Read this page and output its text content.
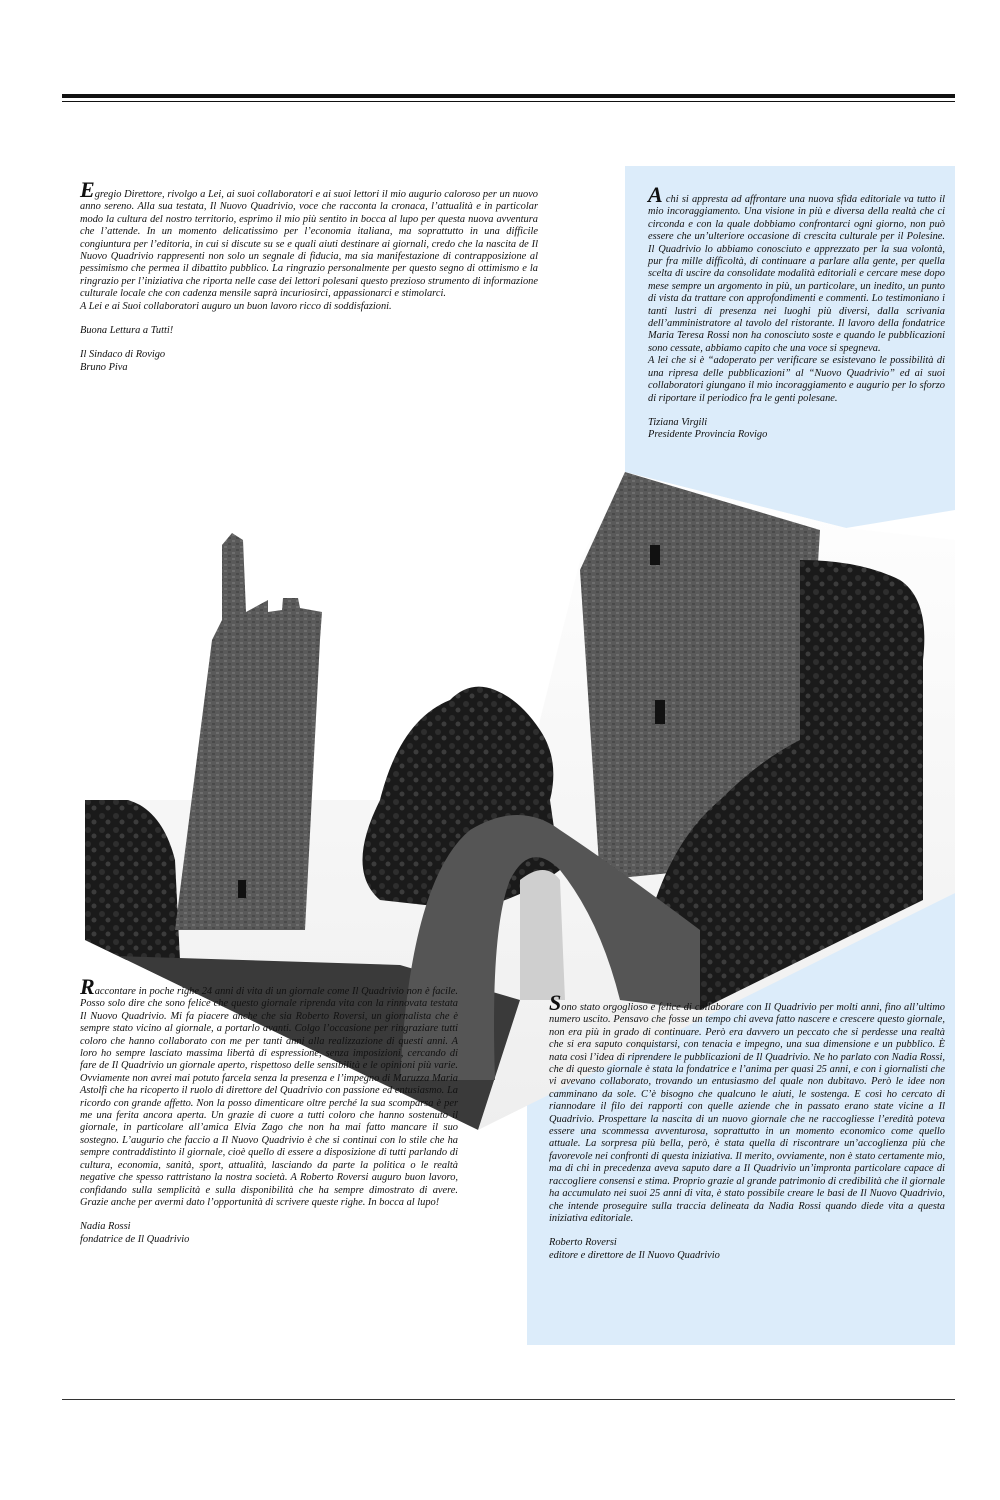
Egregio Direttore, rivolgo a Lei, ai suoi collaboratori e ai suoi lettori il mio augurio caloroso per un nuovo anno sereno. Alla sua testata, Il Nuovo Quadrivio, voce che racconta la cronaca, l’attualità e in particolar modo la cultura del nostro territorio, esprimo il mio più sentito in bocca al lupo per questa nuova avventura che l’attende. In un momento delicatissimo per l’economia italiana, ma soprattutto in una difficile congiuntura per l’editoria, in cui si discute su se e quali aiuti destinare ai giornali, credo che la nascita de Il Nuovo Quadrivio rappresenti non solo un segnale di fiducia, ma sia manifestazione di contrapposizione al pessimismo che permea il dibattito pubblico. La ringrazio personalmente per questo segno di ottimismo e la ringrazio per l’iniziativa che riporta nelle case dei lettori polesani questo prezioso strumento di informazione culturale locale che con cadenza mensile saprà incuriosirci, appassionarci e stimolarci.
A Lei e ai Suoi collaboratori auguro un buon lavoro ricco di soddisfazioni.

Buona Lettura a Tutti!

Il Sindaco di Rovigo

Bruno Piva

A chi si appresta ad affrontare una nuova sfida editoriale va tutto il mio incoraggiamento. Una visione in più e diversa della realtà che ci circonda e con la quale dobbiamo confrontarci ogni giorno, non può essere che un’ulteriore occasione di crescita culturale per il Polesine. Il Quadrivio lo abbiamo conosciuto e apprezzato per la sua volontà, pur fra mille difficoltà, di continuare a parlare alla gente, per quella scelta di uscire da consolidate modalità editoriali e cercare mese dopo mese sempre un argomento in più, un particolare, un inedito, un punto di vista da trattare con approfondimenti e commenti. Lo testimoniano i tanti lustri di presenza nei luoghi più diversi, dalla scrivania dell’amministratore al tavolo del ristorante. Il lavoro della fondatrice Maria Teresa Rossi non ha conosciuto soste e quando le pubblicazioni sono cessate, abbiamo capito che una voce si spegneva.
A lei che si è “adoperato per verificare se esistevano le possibilità di una ripresa delle pubblicazioni” al “Nuovo Quadrivio” ed ai suoi collaboratori giungano il mio incoraggiamento e augurio per lo sforzo di riportare il periodico fra le genti polesane.

Tiziana Virgili

Presidente Provincia Rovigo

Raccontare in poche righe 24 anni di vita di un giornale come Il Quadrivio non è facile. Posso solo dire che sono felice che questo giornale riprenda vita con la rinnovata testata Il Nuovo Quadrivio. Mi fa piacere anche che sia Roberto Roversi, un giornalista che è sempre stato vicino al giornale, a portarlo avanti. Colgo l’occasione per ringraziare tutti coloro che hanno collaborato con me per tanti anni alla realizzazione di questi anni. A loro ho sempre lasciato massima libertà di espressione, senza imposizioni, cercando di fare de Il Quadrivio un giornale aperto, rispettoso delle sensibilità e le opinioni più varie. Ovviamente non avrei mai potuto farcela senza la presenza e l’impegno di Maruzza Maria Astolfi che ha ricoperto il ruolo di direttore del Quadrivio con passione ed entusiasmo. La ricordo con grande affetto. Non la posso dimenticare oltre perché la sua scomparsa è per me una ferita ancora aperta. Un grazie di cuore a tutti coloro che hanno sostenuto il giornale, in particolare all’amica Elvia Zago che non ha mai fatto mancare il suo sostegno. L’augurio che faccio a Il Nuovo Quadrivio è che si continui con lo stile che ha sempre contraddistinto il giornale, cioè quello di essere a disposizione di tutti parlando di cultura, economia, sanità, sport, attualità, lasciando da parte la politica o le realtà negative che spesso rattristano la nostra società. A Roberto Roversi auguro buon lavoro, confidando sulla semplicità e sulla disponibilità che ha sempre dimostrato di avere. Grazie anche per avermi dato l’opportunità di scrivere queste righe. In bocca al lupo!

Nadia Rossi

fondatrice de Il Quadrivio

Sono stato orgoglioso e felice di collaborare con Il Quadrivio per molti anni, fino all’ultimo numero uscito. Pensavo che fosse un tempo chi aveva fatto nascere e crescere questo giornale, non era più in grado di continuare. Però era davvero un peccato che si perdesse una realtà che si era saputo conquistarsi, con tenacia e impegno, una sua dimensione e un pubblico. È nata così l’idea di riprendere le pubblicazioni de Il Quadrivio. Ne ho parlato con Nadia Rossi, che di questo giornale è stata la fondatrice e l’anima per quasi 25 anni, e con i giornalisti che vi avevano collaborato, trovando un entusiasmo del quale non dubitavo. Però le idee non camminano da sole. C’è bisogno che qualcuno le aiuti, le sostenga. E così ho cercato di riannodare il filo dei rapporti con quelle aziende che in passato erano state vicine a Il Quadrivio. Prospettare la nascita di un nuovo giornale che ne raccogliesse l’eredità poteva essere una scommessa avventurosa, soprattutto in un momento economico come quello attuale. La sorpresa più bella, però, è stata quella di riscontrare un’accoglienza più che favorevole nei confronti di questa iniziativa. Il merito, ovviamente, non è stato certamente mio, ma di chi in precedenza aveva saputo dare a Il Quadrivio un’impronta particolare capace di raccogliere consensi e stima. Proprio grazie al grande patrimonio di credibilità che il giornale ha accumulato nei suoi 25 anni di vita, è stato possibile creare le basi de Il Nuovo Quadrivio, che intende proseguire sulla traccia delineata da Nadia Rossi quando diede vita a questa iniziativa editoriale.

Roberto Roversi

editore e direttore de Il Nuovo Quadrivio
